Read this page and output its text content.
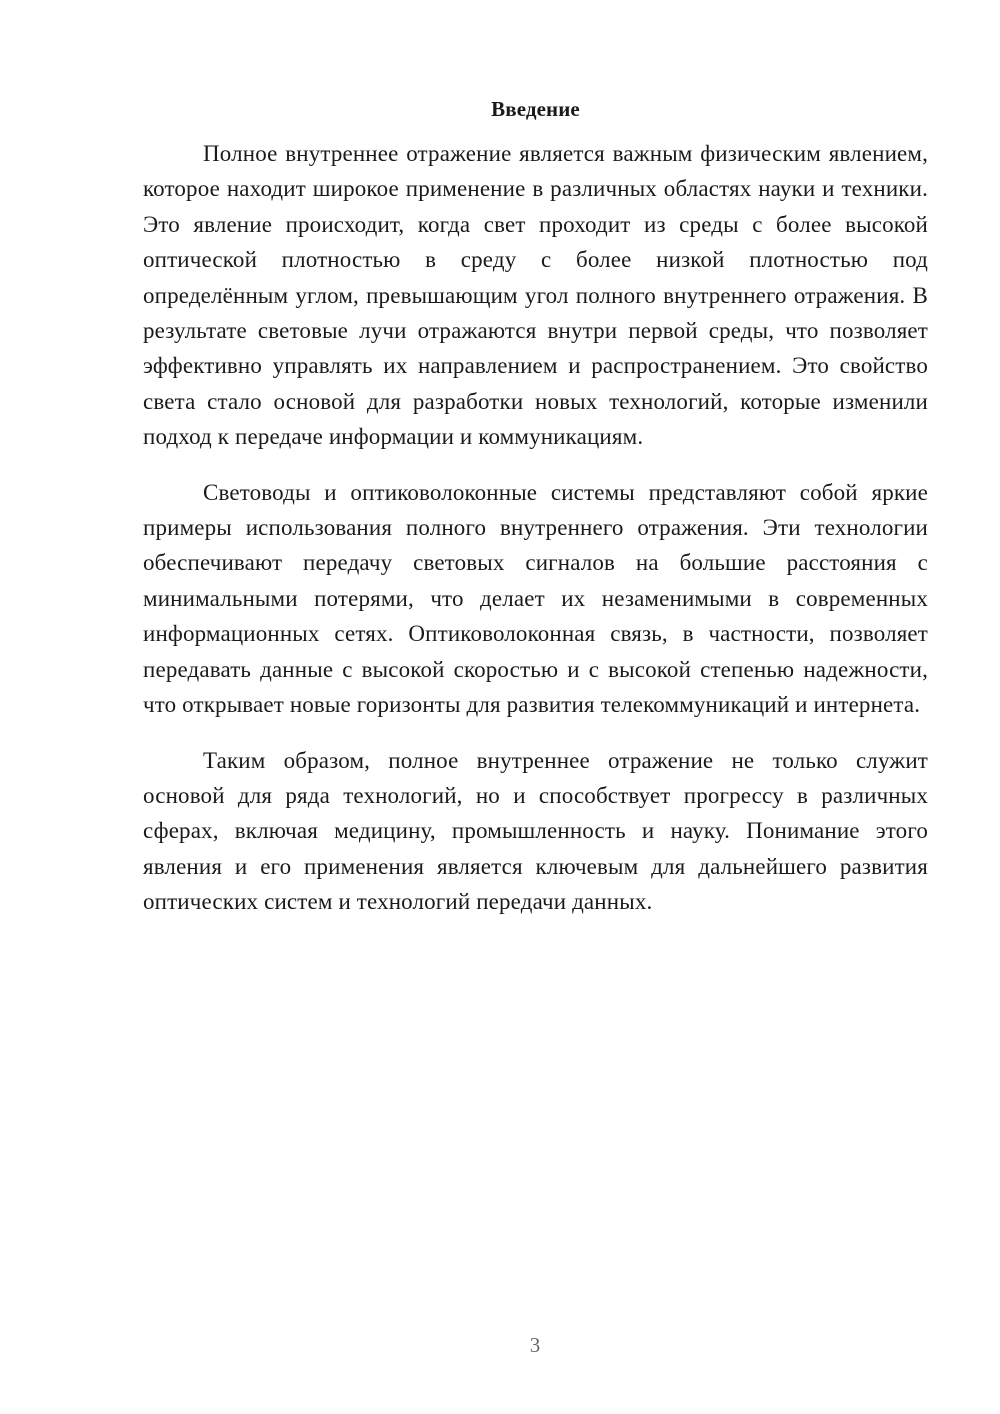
Введение

Полное внутреннее отражение является важным физическим явлением, которое находит широкое применение в различных областях науки и техники. Это явление происходит, когда свет проходит из среды с более высокой оптической плотностью в среду с более низкой плотностью под определённым углом, превышающим угол полного внутреннего отражения. В результате световые лучи отражаются внутри первой среды, что позволяет эффективно управлять их направлением и распространением. Это свойство света стало основой для разработки новых технологий, которые изменили подход к передаче информации и коммуникациям.

Световоды и оптиковолоконные системы представляют собой яркие примеры использования полного внутреннего отражения. Эти технологии обеспечивают передачу световых сигналов на большие расстояния с минимальными потерями, что делает их незаменимыми в современных информационных сетях. Оптиковолоконная связь, в частности, позволяет передавать данные с высокой скоростью и с высокой степенью надежности, что открывает новые горизонты для развития телекоммуникаций и интернета.

Таким образом, полное внутреннее отражение не только служит основой для ряда технологий, но и способствует прогрессу в различных сферах, включая медицину, промышленность и науку. Понимание этого явления и его применения является ключевым для дальнейшего развития оптических систем и технологий передачи данных.

3
